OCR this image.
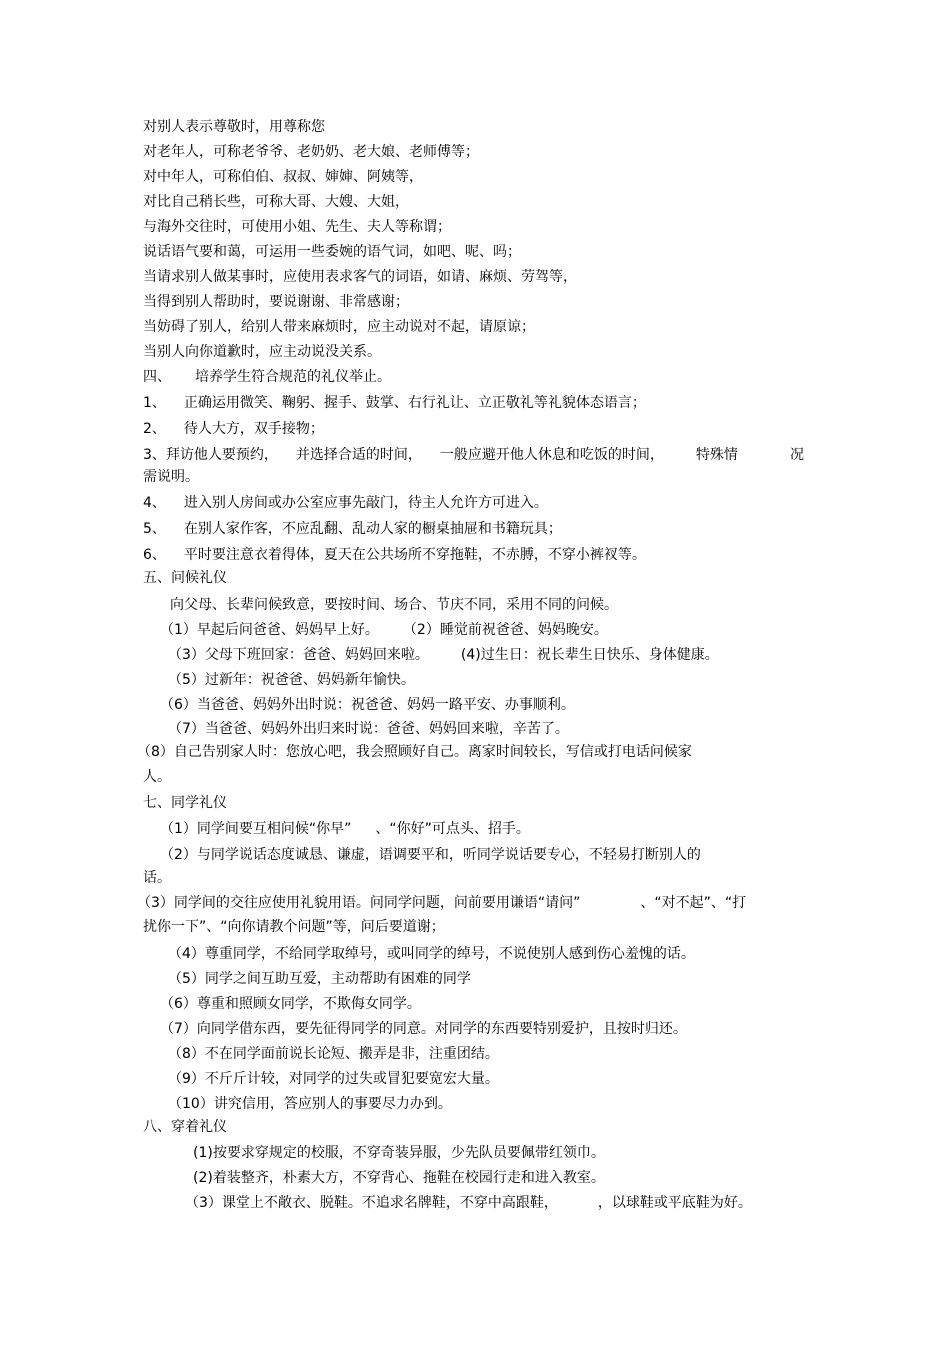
对别人表示尊敬时，用尊称您
对老年人，可称老爷爷、老奶奶、老大娘、老师傅等；
对中年人，可称伯伯、叔叔、婶婶、阿姨等，
对比自己稍长些，可称大哥、大嫂、大姐，
与海外交往时，可使用小姐、先生、夫人等称谓；
说话语气要和蔼，可运用一些委婉的语气词，如吧、呢、吗；
当请求别人做某事时，应使用表求客气的词语，如请、麻烦、劳驾等，
当得到别人帮助时，要说谢谢、非常感谢；
当妨碍了别人，给别人带来麻烦时，应主动说对不起，请原谅；
当别人向你道歉时，应主动说没关系。
四、 培养学生符合规范的礼仪举止。
1、 正确运用微笑、鞠躬、握手、鼓掌、右行礼让、立正敬礼等礼貌体态语言；
2、 待人大方，双手接物；
3、拜访他人要预约， 并选择合适的时间， 一般应避开他人休息和吃饭的时间， 特殊情	况
需说明。
4、 进入别人房间或办公室应事先敲门，待主人允许方可进入。
5、 在别人家作客，不应乱翻、乱动人家的橱桌抽屉和书籍玩具；
6、 平时要注意衣着得体，夏天在公共场所不穿拖鞋，不赤膊，不穿小裤衩等。
五、问候礼仪
向父母、长辈问候致意，要按时间、场合、节庆不同，采用不同的问候。
（1）早起后问爸爸、妈妈早上好。 （2）睡觉前祝爸爸、妈妈晚安。
（3）父母下班回家：爸爸、妈妈回来啦。 (4)过生日：祝长辈生日快乐、身体健康。
（5）过新年：祝爸爸、妈妈新年愉快。
（6）当爸爸、妈妈外出时说：祝爸爸、妈妈一路平安、办事顺利。
（7）当爸爸、妈妈外出归来时说：爸爸、妈妈回来啦，辛苦了。
（8）自己告别家人时：您放心吧，我会照顾好自己。离家时间较长，写信或打电话问候家
人。
七、同学礼仪
（1）同学间要互相问候“你早” 、“你好”可点头、招手。
（2）与同学说话态度诚恳、谦虚，语调要平和，听同学说话要专心，不轻易打断别人的
话。
（3）同学间的交往应使用礼貌用语。问同学问题，问前要用谦语“请问”	、“对不起”、“打
扰你一下”、“向你请教个问题”等，问后要道谢；
（4）尊重同学，不给同学取绰号，或叫同学的绰号，不说使别人感到伤心羞愧的话。
（5）同学之间互助互爱，主动帮助有困难的同学
（6）尊重和照顾女同学，不欺侮女同学。
（7）向同学借东西，要先征得同学的同意。对同学的东西要特别爱护，且按时归还。
（8）不在同学面前说长论短、搬弄是非，注重团结。
（9）不斤斤计较，对同学的过失或冒犯要宽宏大量。
（10）讲究信用，答应别人的事要尽力办到。
八、穿着礼仪
(1)按要求穿规定的校服，不穿奇装异服，少先队员要佩带红领巾。
(2)着装整齐，朴素大方，不穿背心、拖鞋在校园行走和进入教室。
（3）课堂上不敞衣、脱鞋。不追求名牌鞋，不穿中高跟鞋，	，以球鞋或平底鞋为好。
